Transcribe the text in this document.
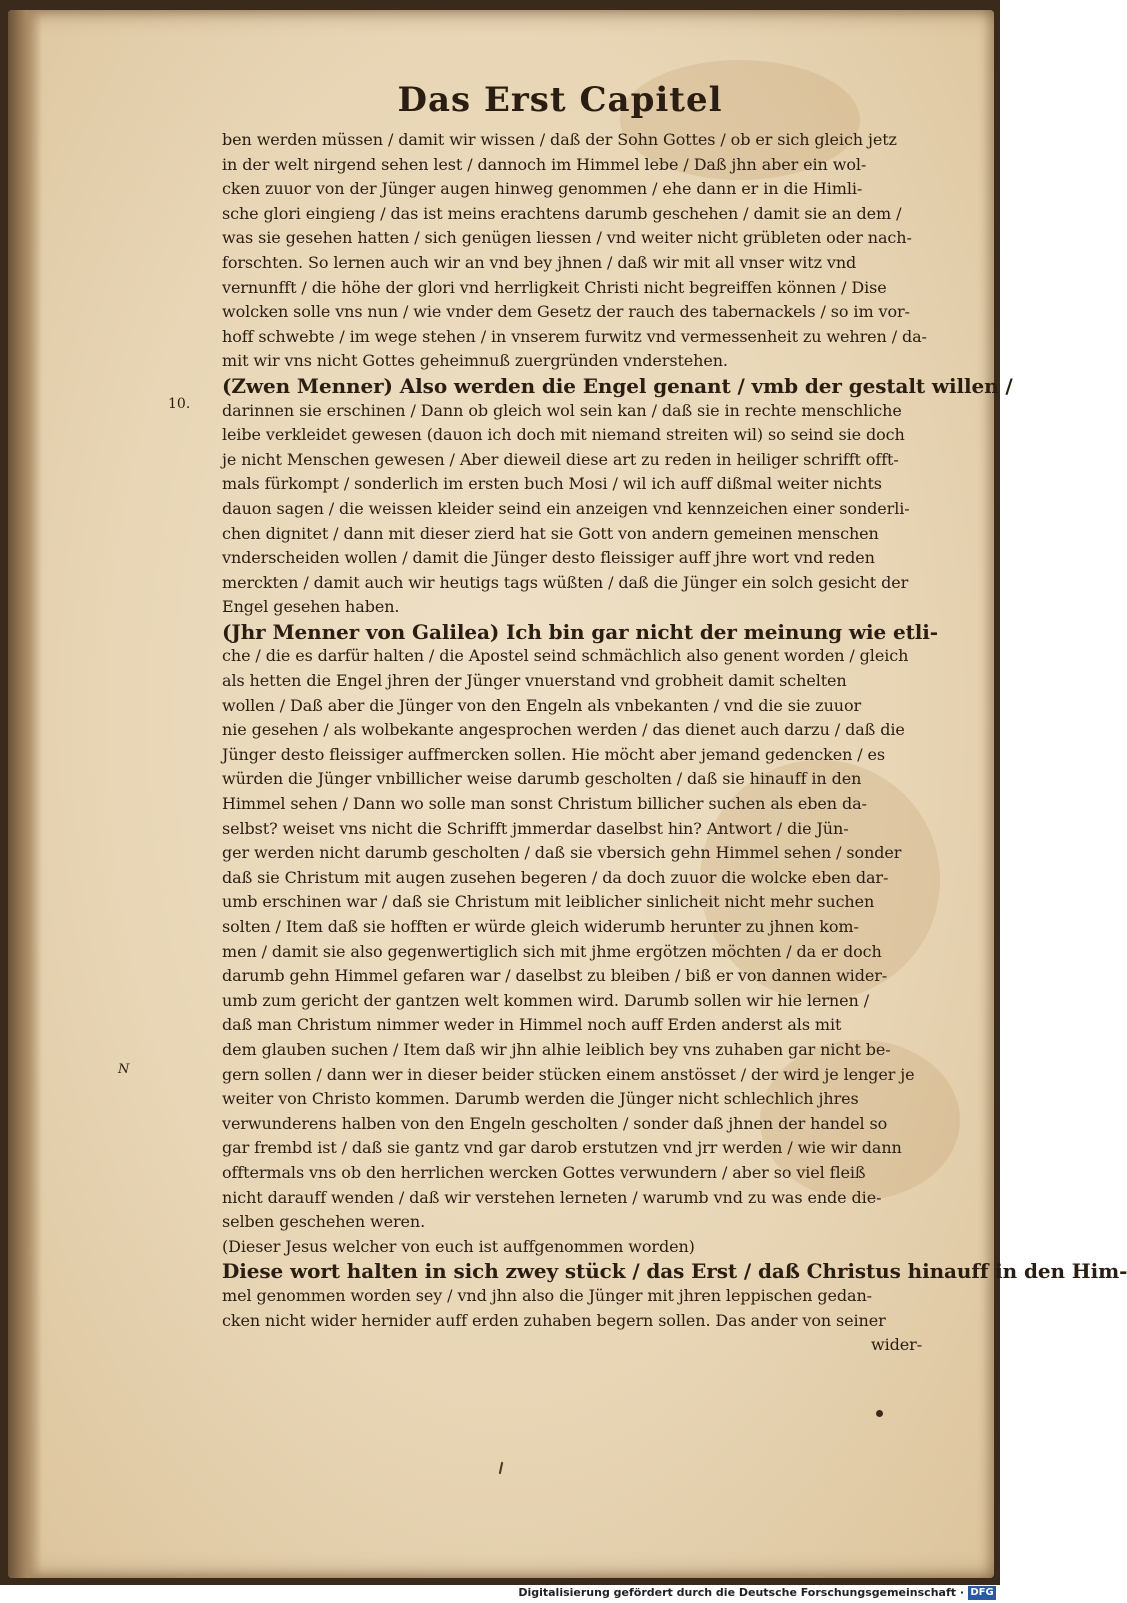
Das Erst Capitel
10.
N
ben werden müssen / damit wir wissen / daß der Sohn Gottes / ob er sich gleich jetz
in der welt nirgend sehen lest / dannoch im Himmel lebe / Daß jhn aber ein wol-
cken zuuor von der Jünger augen hinweg genommen / ehe dann er in die Himli-
sche glori eingieng / das ist meins erachtens darumb geschehen / damit sie an dem /
was sie gesehen hatten / sich genügen liessen / vnd weiter nicht grübleten oder nach-
forschten. So lernen auch wir an vnd bey jhnen / daß wir mit all vnser witz vnd
vernunfft / die höhe der glori vnd herrligkeit Christi nicht begreiffen können / Dise
wolcken solle vns nun / wie vnder dem Gesetz der rauch des tabernackels / so im vor-
hoff schwebte / im wege stehen / in vnserem furwitz vnd vermessenheit zu wehren / da-
mit wir vns nicht Gottes geheimnuß zuergründen vnderstehen.
(Zwen Menner) Also werden die Engel genant / vmb der gestalt willen /
darinnen sie erschinen / Dann ob gleich wol sein kan / daß sie in rechte menschliche
leibe verkleidet gewesen (dauon ich doch mit niemand streiten wil) so seind sie doch
je nicht Menschen gewesen / Aber dieweil diese art zu reden in heiliger schrifft offt-
mals fürkompt / sonderlich im ersten buch Mosi / wil ich auff dißmal weiter nichts
dauon sagen / die weissen kleider seind ein anzeigen vnd kennzeichen einer sonderli-
chen dignitet / dann mit dieser zierd hat sie Gott von andern gemeinen menschen
vnderscheiden wollen / damit die Jünger desto fleissiger auff jhre wort vnd reden
merckten / damit auch wir heutigs tags wüßten / daß die Jünger ein solch gesicht der
Engel gesehen haben.
(Jhr Menner von Galilea) Ich bin gar nicht der meinung wie etli-
che / die es darfür halten / die Apostel seind schmächlich also genent worden / gleich
als hetten die Engel jhren der Jünger vnuerstand vnd grobheit damit schelten
wollen / Daß aber die Jünger von den Engeln als vnbekanten / vnd die sie zuuor
nie gesehen / als wolbekante angesprochen werden / das dienet auch darzu / daß die
Jünger desto fleissiger auffmercken sollen. Hie möcht aber jemand gedencken / es
würden die Jünger vnbillicher weise darumb gescholten / daß sie hinauff in den
Himmel sehen / Dann wo solle man sonst Christum billicher suchen als eben da-
selbst? weiset vns nicht die Schrifft jmmerdar daselbst hin? Antwort / die Jün-
ger werden nicht darumb gescholten / daß sie vbersich gehn Himmel sehen / sonder
daß sie Christum mit augen zusehen begeren / da doch zuuor die wolcke eben dar-
umb erschinen war / daß sie Christum mit leiblicher sinlicheit nicht mehr suchen
solten / Item daß sie hofften er würde gleich widerumb herunter zu jhnen kom-
men / damit sie also gegenwertiglich sich mit jhme ergötzen möchten / da er doch
darumb gehn Himmel gefaren war / daselbst zu bleiben / biß er von dannen wider-
umb zum gericht der gantzen welt kommen wird. Darumb sollen wir hie lernen /
daß man Christum nimmer weder in Himmel noch auff Erden anderst als mit
dem glauben suchen / Item daß wir jhn alhie leiblich bey vns zuhaben gar nicht be-
gern sollen / dann wer in dieser beider stücken einem anstösset / der wird je lenger je
weiter von Christo kommen. Darumb werden die Jünger nicht schlechlich jhres
verwunderens halben von den Engeln gescholten / sonder daß jhnen der handel so
gar frembd ist / daß sie gantz vnd gar darob erstutzen vnd jrr werden / wie wir dann
offtermals vns ob den herrlichen wercken Gottes verwundern / aber so viel fleiß
nicht darauff wenden / daß wir verstehen lerneten / warumb vnd zu was ende die-
selben geschehen weren.
(Dieser Jesus welcher von euch ist auffgenommen worden)
Diese wort halten in sich zwey stück / das Erst / daß Christus hinauff in den Him-
mel genommen worden sey / vnd jhn also die Jünger mit jhren leppischen gedan-
cken nicht wider hernider auff erden zuhaben begern sollen. Das ander von seiner
wider-
Digitalisierung gefördert durch die Deutsche Forschungsgemeinschaft · DFG
